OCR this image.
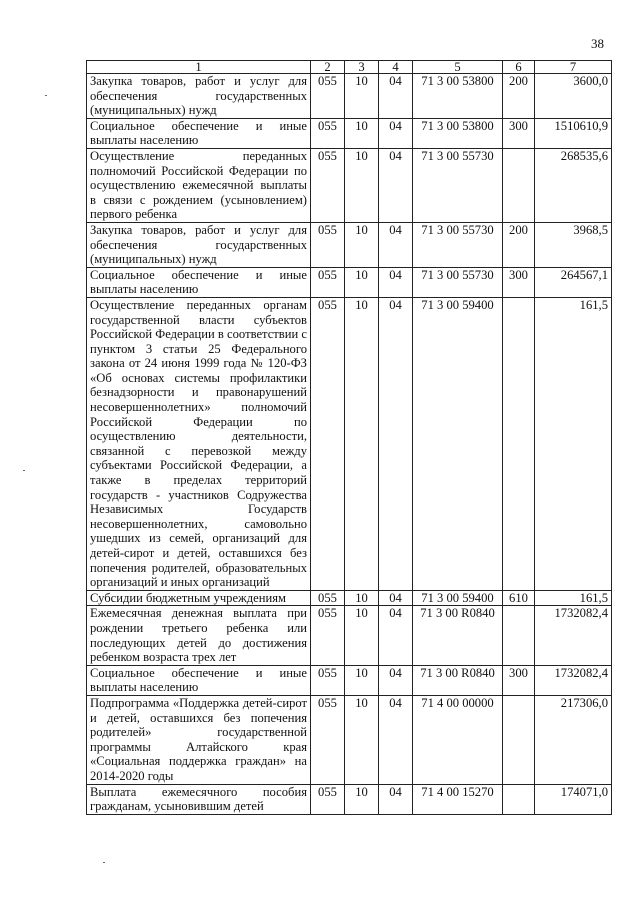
38
1	2	3	4	5	6	7
Закупка товаров, работ и услуг для обеспечения государственных (муниципальных) нужд	055	10	04	71 3 00 53800	200	3600,0
Социальное обеспечение и иные выплаты населению	055	10	04	71 3 00 53800	300	1510610,9
Осуществление переданных полномочий Российской Федерации по осуществлению ежемесячной выплаты в связи с рождением (усыновлением) первого ребенка	055	10	04	71 3 00 55730		268535,6
Закупка товаров, работ и услуг для обеспечения государственных (муниципальных) нужд	055	10	04	71 3 00 55730	200	3968,5
Социальное обеспечение и иные выплаты населению	055	10	04	71 3 00 55730	300	264567,1
Осуществление переданных органам государственной власти субъектов Российской Федерации в соответствии с пунктом 3 статьи 25 Федерального закона от 24 июня 1999 года № 120-ФЗ «Об основах системы профилактики безнадзорности и правонарушений несовершеннолетних» полномочий Российской Федерации по осуществлению деятельности, связанной с перевозкой между субъектами Российской Федерации, а также в пределах территорий государств - участников Содружества Независимых Государств несовершеннолетних, самовольно ушедших из семей, организаций для детей-сирот и детей, оставшихся без попечения родителей, образовательных организаций и иных организаций	055	10	04	71 3 00 59400		161,5
Субсидии бюджетным учреждениям	055	10	04	71 3 00 59400	610	161,5
Ежемесячная денежная выплата при рождении третьего ребенка или последующих детей до достижения ребенком возраста трех лет	055	10	04	71 3 00 R0840		1732082,4
Социальное обеспечение и иные выплаты населению	055	10	04	71 3 00 R0840	300	1732082,4
Подпрограмма «Поддержка детей-сирот и детей, оставшихся без попечения родителей» государственной программы Алтайского края «Социальная поддержка граждан» на 2014-2020 годы	055	10	04	71 4 00 00000		217306,0
Выплата ежемесячного пособия гражданам, усыновившим детей	055	10	04	71 4 00 15270		174071,0
